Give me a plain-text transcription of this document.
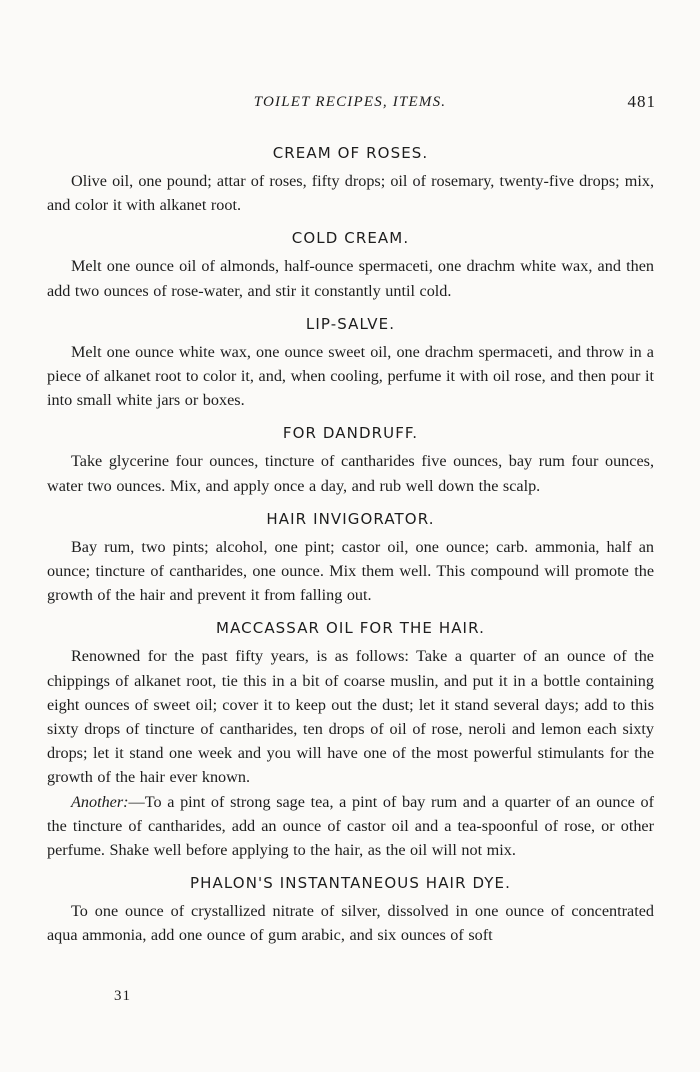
TOILET RECIPES, ITEMS.	481
CREAM OF ROSES.

Olive oil, one pound; attar of roses, fifty drops; oil of rosemary, twenty-five drops; mix, and color it with alkanet root.

COLD CREAM.

Melt one ounce oil of almonds, half-ounce spermaceti, one drachm white wax, and then add two ounces of rose-water, and stir it constantly until cold.

LIP-SALVE.

Melt one ounce white wax, one ounce sweet oil, one drachm spermaceti, and throw in a piece of alkanet root to color it, and, when cooling, perfume it with oil rose, and then pour it into small white jars or boxes.

FOR DANDRUFF.

Take glycerine four ounces, tincture of cantharides five ounces, bay rum four ounces, water two ounces. Mix, and apply once a day, and rub well down the scalp.

HAIR INVIGORATOR.

Bay rum, two pints; alcohol, one pint; castor oil, one ounce; carb. ammonia, half an ounce; tincture of cantharides, one ounce. Mix them well. This compound will promote the growth of the hair and prevent it from falling out.

MACCASSAR OIL FOR THE HAIR.

Renowned for the past fifty years, is as follows: Take a quarter of an ounce of the chippings of alkanet root, tie this in a bit of coarse muslin, and put it in a bottle containing eight ounces of sweet oil; cover it to keep out the dust; let it stand several days; add to this sixty drops of tincture of cantharides, ten drops of oil of rose, neroli and lemon each sixty drops; let it stand one week and you will have one of the most powerful stimulants for the growth of the hair ever known.

Another:—To a pint of strong sage tea, a pint of bay rum and a quarter of an ounce of the tincture of cantharides, add an ounce of castor oil and a tea-spoonful of rose, or other perfume. Shake well before applying to the hair, as the oil will not mix.

PHALON'S INSTANTANEOUS HAIR DYE.

To one ounce of crystallized nitrate of silver, dissolved in one ounce of concentrated aqua ammonia, add one ounce of gum arabic, and six ounces of soft

31
